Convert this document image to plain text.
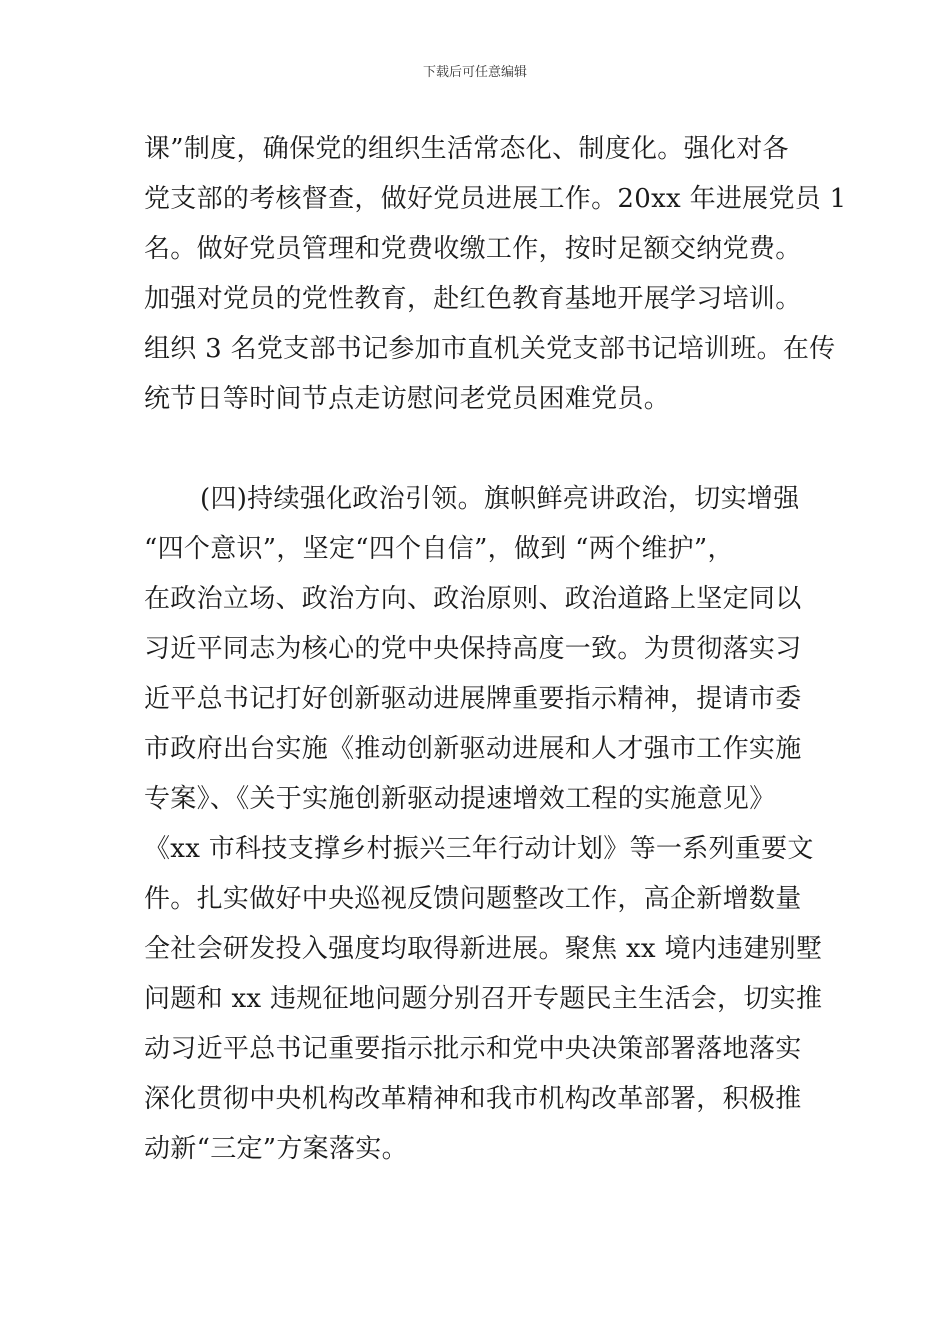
下载后可任意编辑
课”制度，确保党的组织生活常态化、制度化。强化对各
党支部的考核督查，做好党员进展工作。20xx 年进展党员 1
名。做好党员管理和党费收缴工作，按时足额交纳党费。
加强对党员的党性教育，赴红色教育基地开展学习培训。
组织 3 名党支部书记参加市直机关党支部书记培训班。在传
统节日等时间节点走访慰问老党员困难党员。
(四)持续强化政治引领。旗帜鲜亮讲政治，切实增强
“四个意识”，坚定“四个自信”，做到 “两个维护”，
在政治立场、政治方向、政治原则、政治道路上坚定同以
习近平同志为核心的党中央保持高度一致。为贯彻落实习
近平总书记打好创新驱动进展牌重要指示精神，提请市委
市政府出台实施《推动创新驱动进展和人才强市工作实施
专案》、《关于实施创新驱动提速增效工程的实施意见》
《xx 市科技支撑乡村振兴三年行动计划》等一系列重要文
件。扎实做好中央巡视反馈问题整改工作，高企新增数量
全社会研发投入强度均取得新进展。聚焦 xx 境内违建别墅
问题和 xx 违规征地问题分别召开专题民主生活会，切实推
动习近平总书记重要指示批示和党中央决策部署落地落实
深化贯彻中央机构改革精神和我市机构改革部署，积极推
动新“三定”方案落实。
